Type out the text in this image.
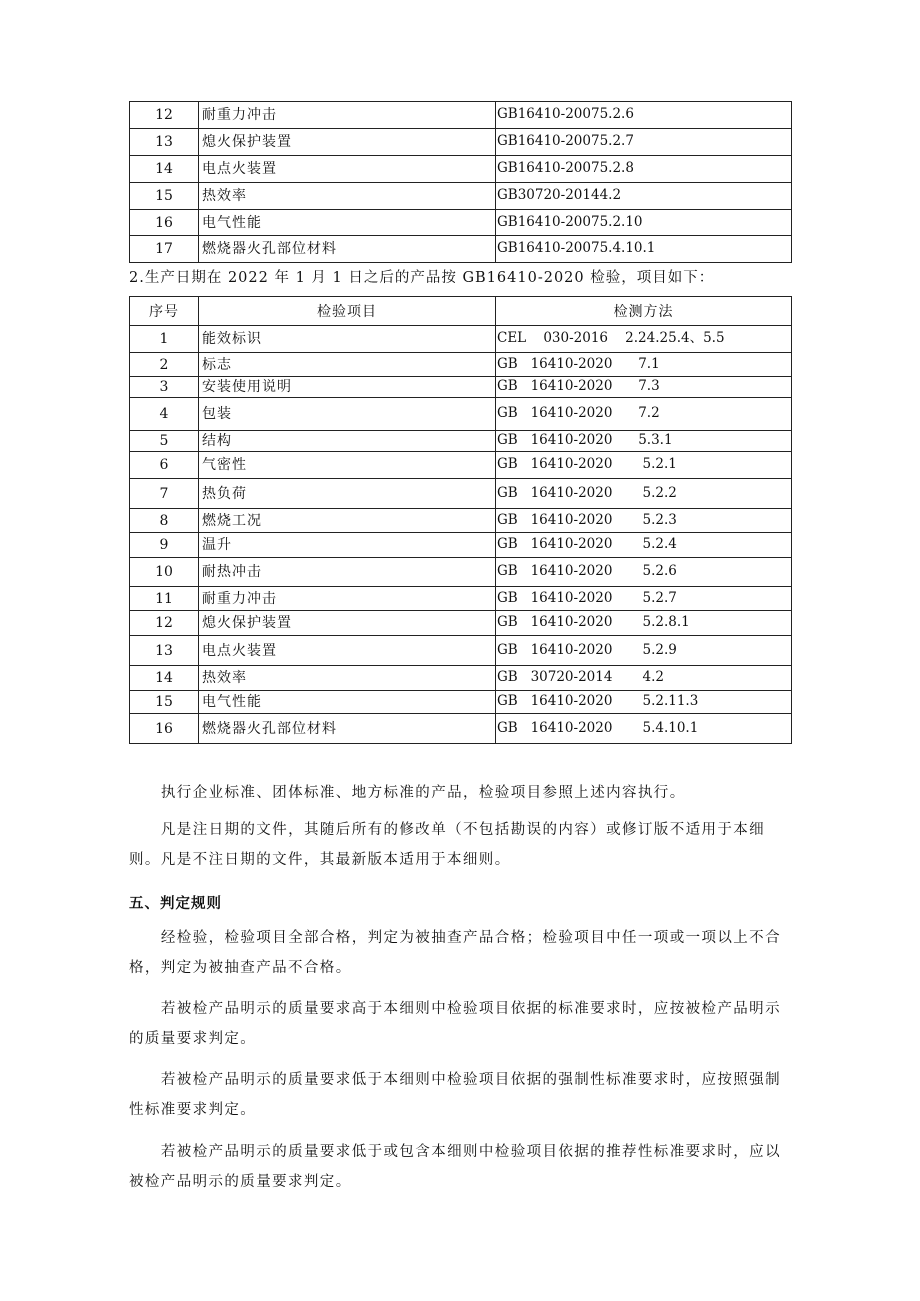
12	耐重力冲击	GB16410-20075.2.6
13	熄火保护装置	GB16410-20075.2.7
14	电点火装置	GB16410-20075.2.8
15	热效率	GB30720-20144.2
16	电气性能	GB16410-20075.2.10
17	燃烧器火孔部位材料	GB16410-20075.4.10.1
2.生产日期在 2022 年 1 月 1 日之后的产品按 GB16410-2020 检验，项目如下：
序号	检验项目	检测方法
1	能效标识	CEL    030-2016    2.24.25.4、5.5
2	标志	GB   16410-2020      7.1
3	安装使用说明	GB   16410-2020      7.3
4	包装	GB   16410-2020      7.2
5	结构	GB   16410-2020      5.3.1
6	气密性	GB   16410-2020       5.2.1
7	热负荷	GB   16410-2020       5.2.2
8	燃烧工况	GB   16410-2020       5.2.3
9	温升	GB   16410-2020       5.2.4
10	耐热冲击	GB   16410-2020       5.2.6
11	耐重力冲击	GB   16410-2020       5.2.7
12	熄火保护装置	GB   16410-2020       5.2.8.1
13	电点火装置	GB   16410-2020       5.2.9
14	热效率	GB   30720-2014       4.2
15	电气性能	GB   16410-2020       5.2.11.3
16	燃烧器火孔部位材料	GB   16410-2020       5.4.10.1

执行企业标准、团体标准、地方标准的产品，检验项目参照上述内容执行。

凡是注日期的文件，其随后所有的修改单（不包括勘误的内容）或修订版不适用于本细则。凡是不注日期的文件，其最新版本适用于本细则。

五、判定规则

经检验，检验项目全部合格，判定为被抽查产品合格；检验项目中任一项或一项以上不合格，判定为被抽查产品不合格。

若被检产品明示的质量要求高于本细则中检验项目依据的标准要求时，应按被检产品明示的质量要求判定。

若被检产品明示的质量要求低于本细则中检验项目依据的强制性标准要求时，应按照强制性标准要求判定。

若被检产品明示的质量要求低于或包含本细则中检验项目依据的推荐性标准要求时，应以被检产品明示的质量要求判定。
